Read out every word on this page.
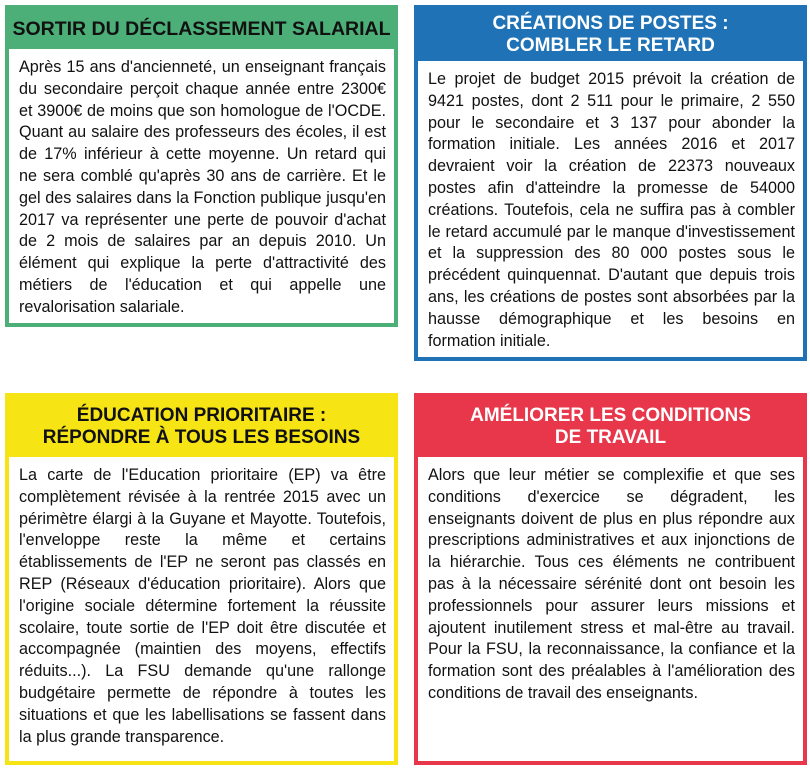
SORTIR DU DÉCLASSEMENT SALARIAL
Après 15 ans d'ancienneté, un enseignant français du secondaire perçoit chaque année entre 2300€ et 3900€ de moins que son homologue de l'OCDE. Quant au salaire des professeurs des écoles, il est de 17% inférieur à cette moyenne. Un retard qui ne sera comblé qu'après 30 ans de carrière. Et le gel des salaires dans la Fonction publique jusqu'en 2017 va représenter une perte de pouvoir d'achat de 2 mois de salaires par an depuis 2010. Un élément qui explique la perte d'attractivité des métiers de l'éducation et qui appelle une revalorisation salariale.
CRÉATIONS DE POSTES :
COMBLER LE RETARD
Le projet de budget 2015 prévoit la création de 9421 postes, dont 2 511 pour le primaire, 2 550 pour le secondaire et 3 137 pour abonder la formation initiale. Les années 2016 et 2017 devraient voir la création de 22373 nouveaux postes afin d'atteindre la promesse de 54000 créations. Toutefois, cela ne suffira pas à combler le retard accumulé par le manque d'investissement et la suppression des 80 000 postes sous le précédent quinquennat. D'autant que depuis trois ans, les créations de postes sont absorbées par la hausse démographique et les besoins en formation initiale.
ÉDUCATION PRIORITAIRE :
RÉPONDRE À TOUS LES BESOINS
La carte de l'Education prioritaire (EP) va être complètement révisée à la rentrée 2015 avec un périmètre élargi à la Guyane et Mayotte. Toutefois, l'enveloppe reste la même et certains établissements de l'EP ne seront pas classés en REP (Réseaux d'éducation prioritaire). Alors que l'origine sociale détermine fortement la réussite scolaire, toute sortie de l'EP doit être discutée et accompagnée (maintien des moyens, effectifs réduits...). La FSU demande qu'une rallonge budgétaire permette de répondre à toutes les situations et que les labellisations se fassent dans la plus grande transparence.
AMÉLIORER LES CONDITIONS
DE TRAVAIL
Alors que leur métier se complexifie et que ses conditions d'exercice se dégradent, les enseignants doivent de plus en plus répondre aux prescriptions administratives et aux injonctions de la hiérarchie. Tous ces éléments ne contribuent pas à la nécessaire sérénité dont ont besoin les professionnels pour assurer leurs missions et ajoutent inutilement stress et mal-être au travail. Pour la FSU, la reconnaissance, la confiance et la formation sont des préalables à l'amélioration des conditions de travail des enseignants.
